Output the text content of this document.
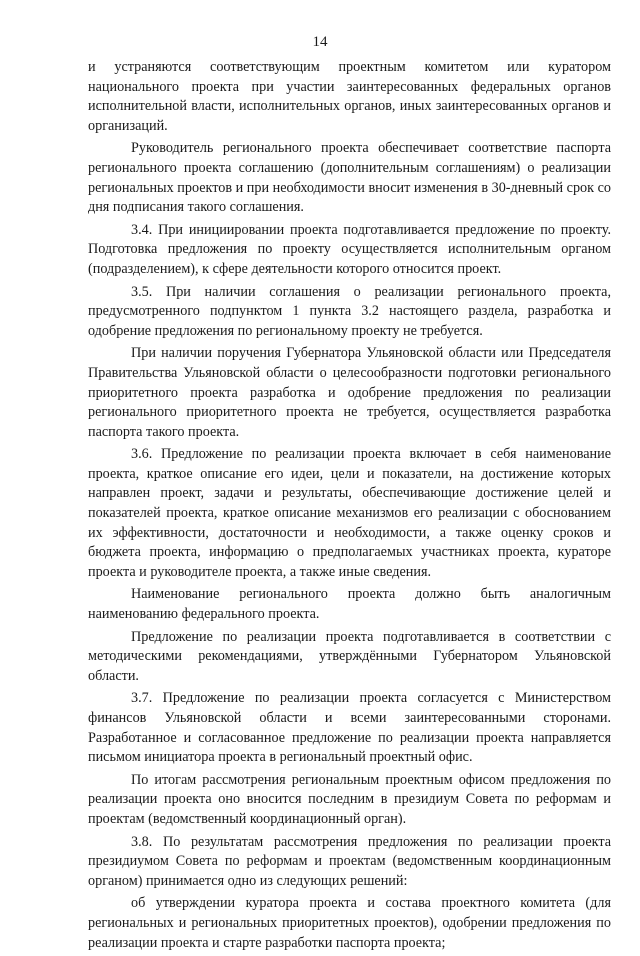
14

и устраняются соответствующим проектным комитетом или куратором национального проекта при участии заинтересованных федеральных органов исполнительной власти, исполнительных органов, иных заинтересованных органов и организаций.

Руководитель регионального проекта обеспечивает соответствие паспорта регионального проекта соглашению (дополнительным соглашениям) о реализации региональных проектов и при необходимости вносит изменения в 30-дневный срок со дня подписания такого соглашения.

3.4. При инициировании проекта подготавливается предложение по проекту. Подготовка предложения по проекту осуществляется исполнительным органом (подразделением), к сфере деятельности которого относится проект.

3.5. При наличии соглашения о реализации регионального проекта, предусмотренного подпунктом 1 пункта 3.2 настоящего раздела, разработка и одобрение предложения по региональному проекту не требуется.

При наличии поручения Губернатора Ульяновской области или Председателя Правительства Ульяновской области о целесообразности подготовки регионального приоритетного проекта разработка и одобрение предложения по реализации регионального приоритетного проекта не требуется, осуществляется разработка паспорта такого проекта.

3.6. Предложение по реализации проекта включает в себя наименование проекта, краткое описание его идеи, цели и показатели, на достижение которых направлен проект, задачи и результаты, обеспечивающие достижение целей и показателей проекта, краткое описание механизмов его реализации с обоснованием их эффективности, достаточности и необходимости, а также оценку сроков и бюджета проекта, информацию о предполагаемых участниках проекта, кураторе проекта и руководителе проекта, а также иные сведения.

Наименование регионального проекта должно быть аналогичным наименованию федерального проекта.

Предложение по реализации проекта подготавливается в соответствии с методическими рекомендациями, утверждёнными Губернатором Ульяновской области.

3.7. Предложение по реализации проекта согласуется с Министерством финансов Ульяновской области и всеми заинтересованными сторонами. Разработанное и согласованное предложение по реализации проекта направляется письмом инициатора проекта в региональный проектный офис.

По итогам рассмотрения региональным проектным офисом предложения по реализации проекта оно вносится последним в президиум Совета по реформам и проектам (ведомственный координационный орган).

3.8. По результатам рассмотрения предложения по реализации проекта президиумом Совета по реформам и проектам (ведомственным координационным органом) принимается одно из следующих решений:

об утверждении куратора проекта и состава проектного комитета (для региональных и региональных приоритетных проектов), одобрении предложения по реализации проекта и старте разработки паспорта проекта;
